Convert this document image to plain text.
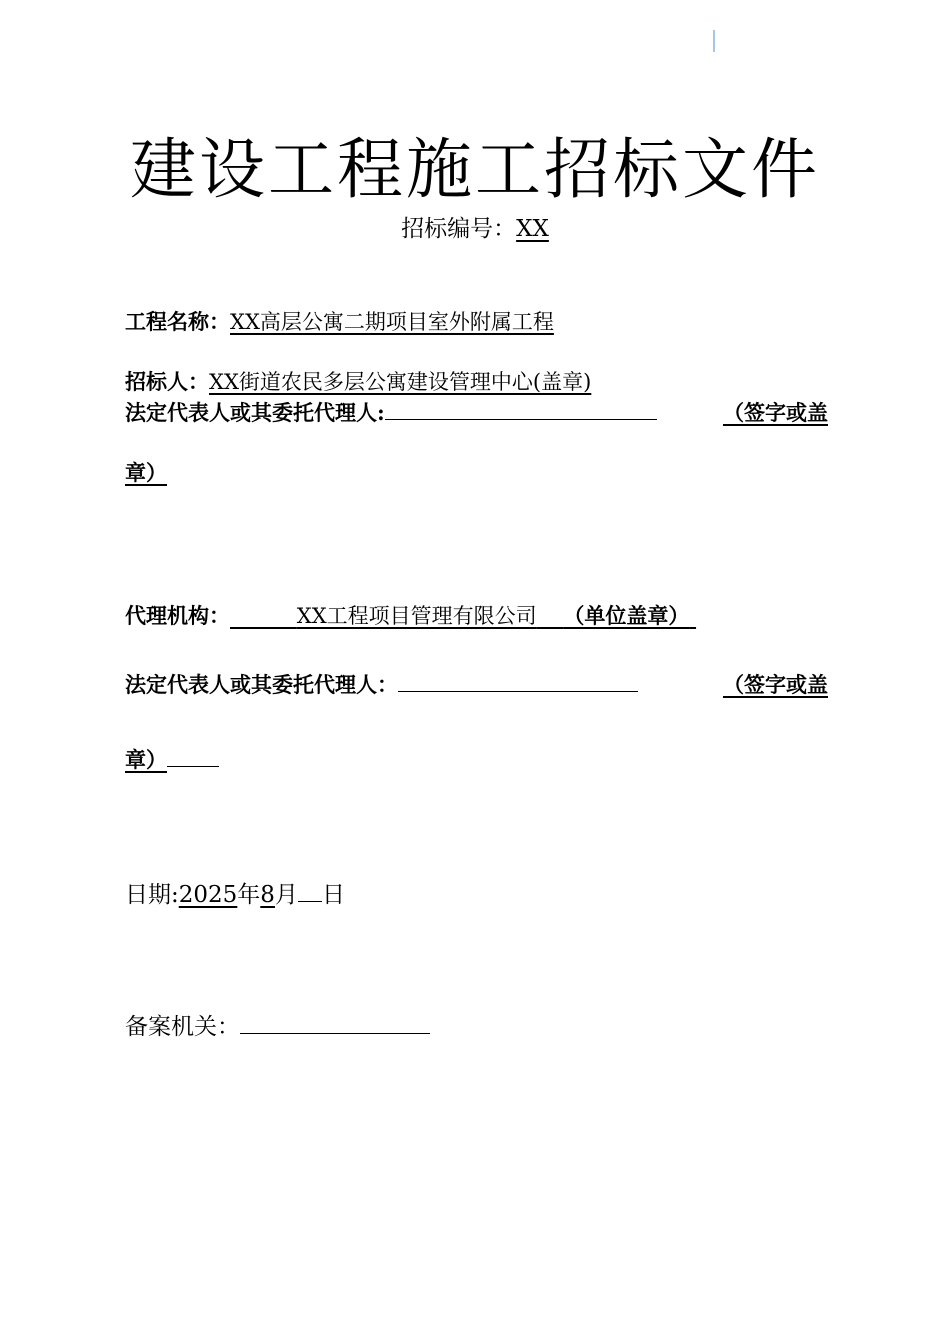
建设工程施工招标文件
招标编号：XX
工程名称：XX高层公寓二期项目室外附属工程
招标人：XX街道农民多层公寓建设管理中心(盖章)
法定代表人或其委托代理人:	（签字或盖
章）
代理机构：	XX工程项目管理有限公司 （单位盖章）
法定代表人或其委托代理人：	（签字或盖
章）
日期:2025年8月 日
备案机关：
